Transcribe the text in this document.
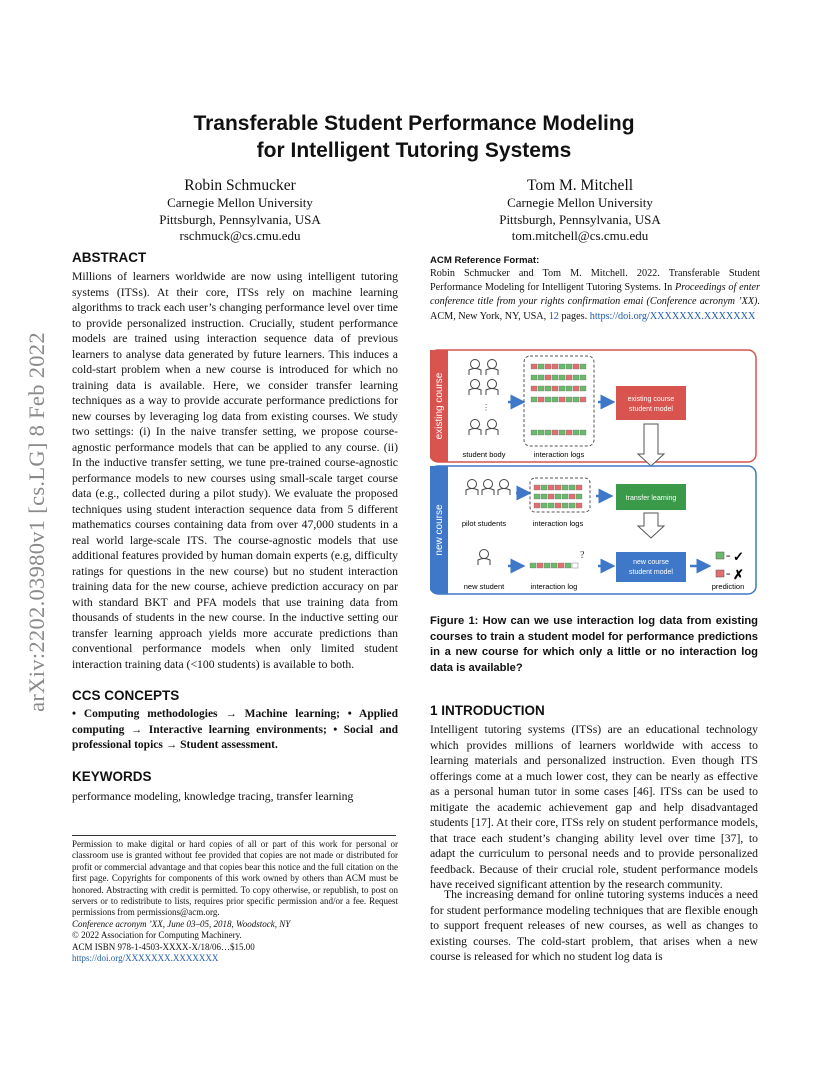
arXiv:2202.03980v1 [cs.LG] 8 Feb 2022
Transferable Student Performance Modeling
for Intelligent Tutoring Systems
Robin Schmucker
Carnegie Mellon University
Pittsburgh, Pennsylvania, USA
rschmuck@cs.cmu.edu
Tom M. Mitchell
Carnegie Mellon University
Pittsburgh, Pennsylvania, USA
tom.mitchell@cs.cmu.edu
ABSTRACT

Millions of learners worldwide are now using intelligent tutoring systems (ITSs). At their core, ITSs rely on machine learning algorithms to track each user’s changing performance level over time to provide personalized instruction. Crucially, student performance models are trained using interaction sequence data of previous learners to analyse data generated by future learners. This induces a cold-start problem when a new course is introduced for which no training data is available. Here, we consider transfer learning techniques as a way to provide accurate performance predictions for new courses by leveraging log data from existing courses. We study two settings: (i) In the naive transfer setting, we propose course-agnostic performance models that can be applied to any course. (ii) In the inductive transfer setting, we tune pre-trained course-agnostic performance models to new courses using small-scale target course data (e.g., collected during a pilot study). We evaluate the proposed techniques using student interaction sequence data from 5 different mathematics courses containing data from over 47,000 students in a real world large-scale ITS. The course-agnostic models that use additional features provided by human domain experts (e.g, difficulty ratings for questions in the new course) but no student interaction training data for the new course, achieve prediction accuracy on par with standard BKT and PFA models that use training data from thousands of students in the new course. In the inductive setting our transfer learning approach yields more accurate predictions than conventional performance models when only limited student interaction training data (<100 students) is available to both.

CCS CONCEPTS

• Computing methodologies → Machine learning; • Applied computing → Interactive learning environments; • Social and professional topics → Student assessment.

KEYWORDS

performance modeling, knowledge tracing, transfer learning

Permission to make digital or hard copies of all or part of this work for personal or classroom use is granted without fee provided that copies are not made or distributed for profit or commercial advantage and that copies bear this notice and the full citation on the first page. Copyrights for components of this work owned by others than ACM must be honored. Abstracting with credit is permitted. To copy otherwise, or republish, to post on servers or to redistribute to lists, requires prior specific permission and/or a fee. Request permissions from permissions@acm.org.
Conference acronym ’XX, June 03–05, 2018, Woodstock, NY
© 2022 Association for Computing Machinery.
ACM ISBN 978-1-4503-XXXX-X/18/06…$15.00
https://doi.org/XXXXXXX.XXXXXXX
ACM Reference Format:
Robin Schmucker and Tom M. Mitchell. 2022. Transferable Student Performance Modeling for Intelligent Tutoring Systems. In Proceedings of enter conference title from your rights confirmation emai (Conference acronym ’XX). ACM, New York, NY, USA, 12 pages. https://doi.org/XXXXXXX.XXXXXXX
existing course	⋮
student body	interaction logs
existing course student model
new course pilot students	interaction logs
transfer learning
new student
?
interaction log
new course student model
= ✓
= ✗
prediction

Figure 1: How can we use interaction log data from existing courses to train a student model for performance predictions in a new course for which only a little or no interaction log data is available?

1 INTRODUCTION

Intelligent tutoring systems (ITSs) are an educational technology which provides millions of learners worldwide with access to learning materials and personalized instruction. Even though ITS offerings come at a much lower cost, they can be nearly as effective as a personal human tutor in some cases [46]. ITSs can be used to mitigate the academic achievement gap and help disadvantaged students [17]. At their core, ITSs rely on student performance models, that trace each student’s changing ability level over time [37], to adapt the curriculum to personal needs and to provide personalized feedback. Because of their crucial role, student performance models have received significant attention by the research community.

The increasing demand for online tutoring systems induces a need for student performance modeling techniques that are flexible enough to support frequent releases of new courses, as well as changes to existing courses. The cold-start problem, that arises when a new course is released for which no student log data is
